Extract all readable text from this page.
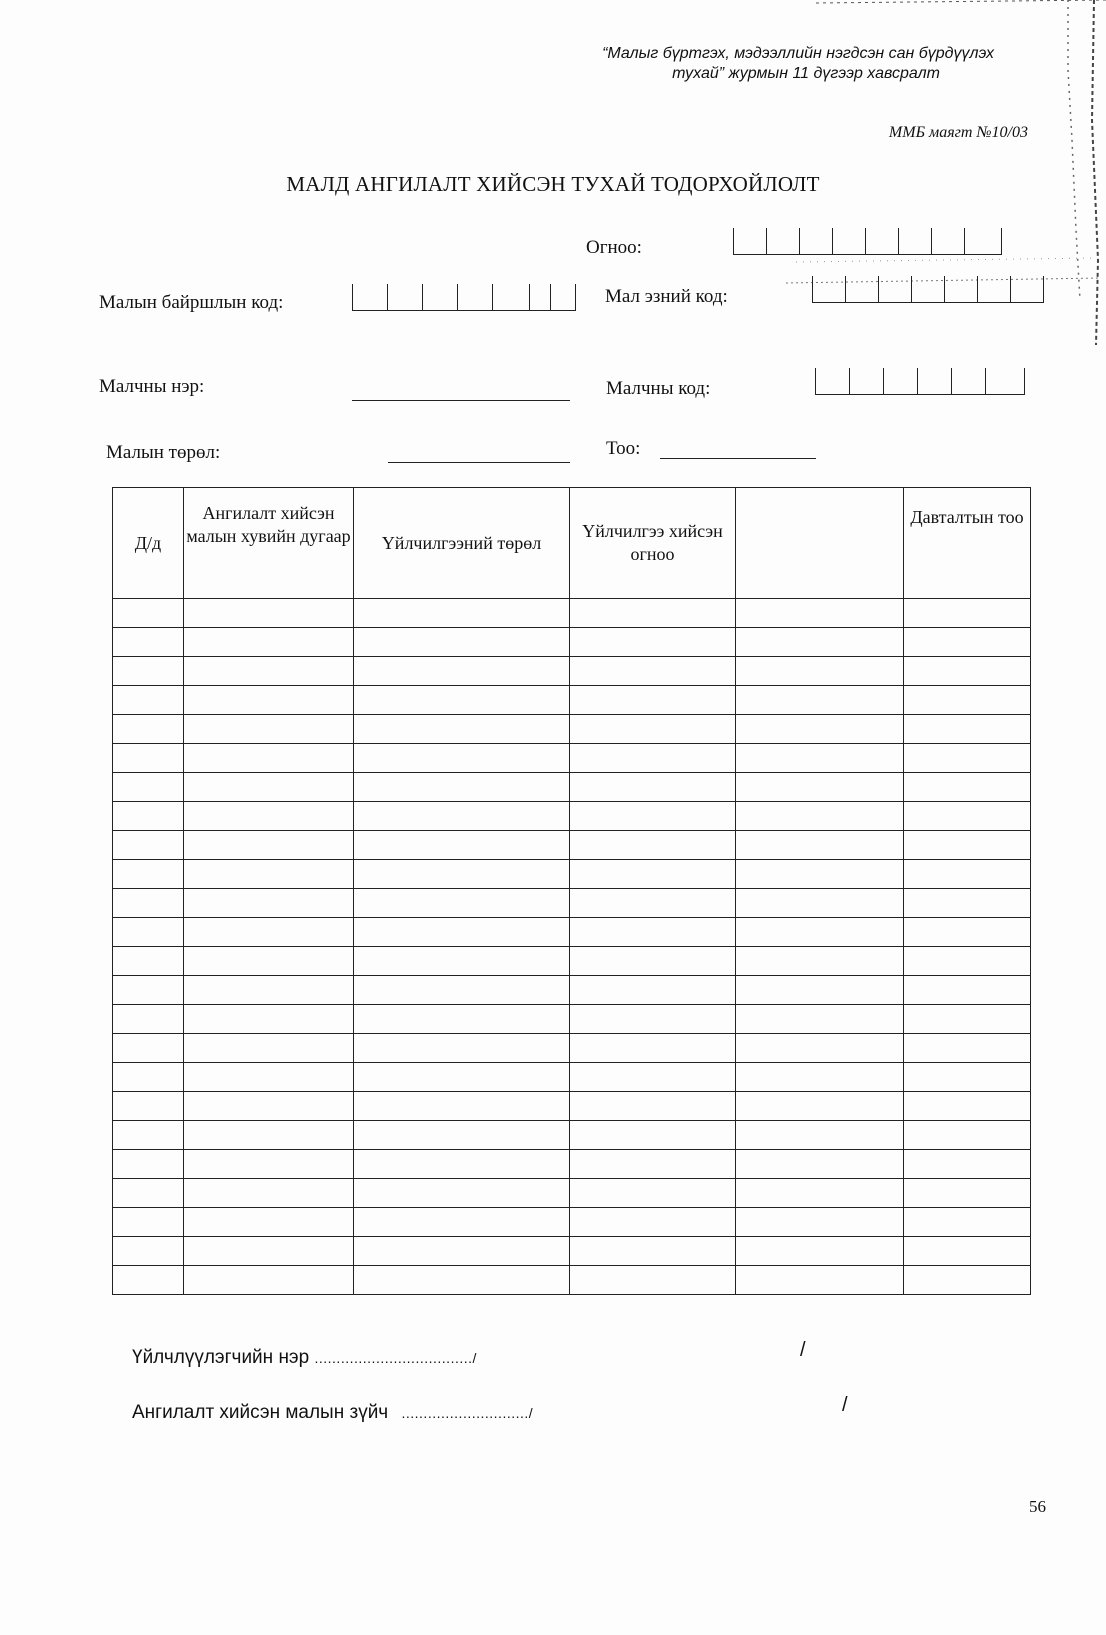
“Малыг бүртгэх, мэдээллийн нэгдсэн сан бүрдүүлэх
тухай” журмын 11 дүгээр хавсралт
ММБ маягт №10/03
МАЛД АНГИЛАЛТ ХИЙСЭН ТУХАЙ ТОДОРХОЙЛОЛТ
Огноо:
Малын байршлын код:	Мал эзний код:
Малчны нэр:	Малчны код:
Малын төрөл:	Тоо:
Д/д	Ангилалт хийсэн малын хувийн дугаар	Үйлчилгээний төрөл	Үйлчилгээ хийсэн огноо		Давталтын тоо

Үйлчлүүлэгчийн нэр ..................................../	/
Ангилалт хийсэн малын зүйч ............................./	/
56
